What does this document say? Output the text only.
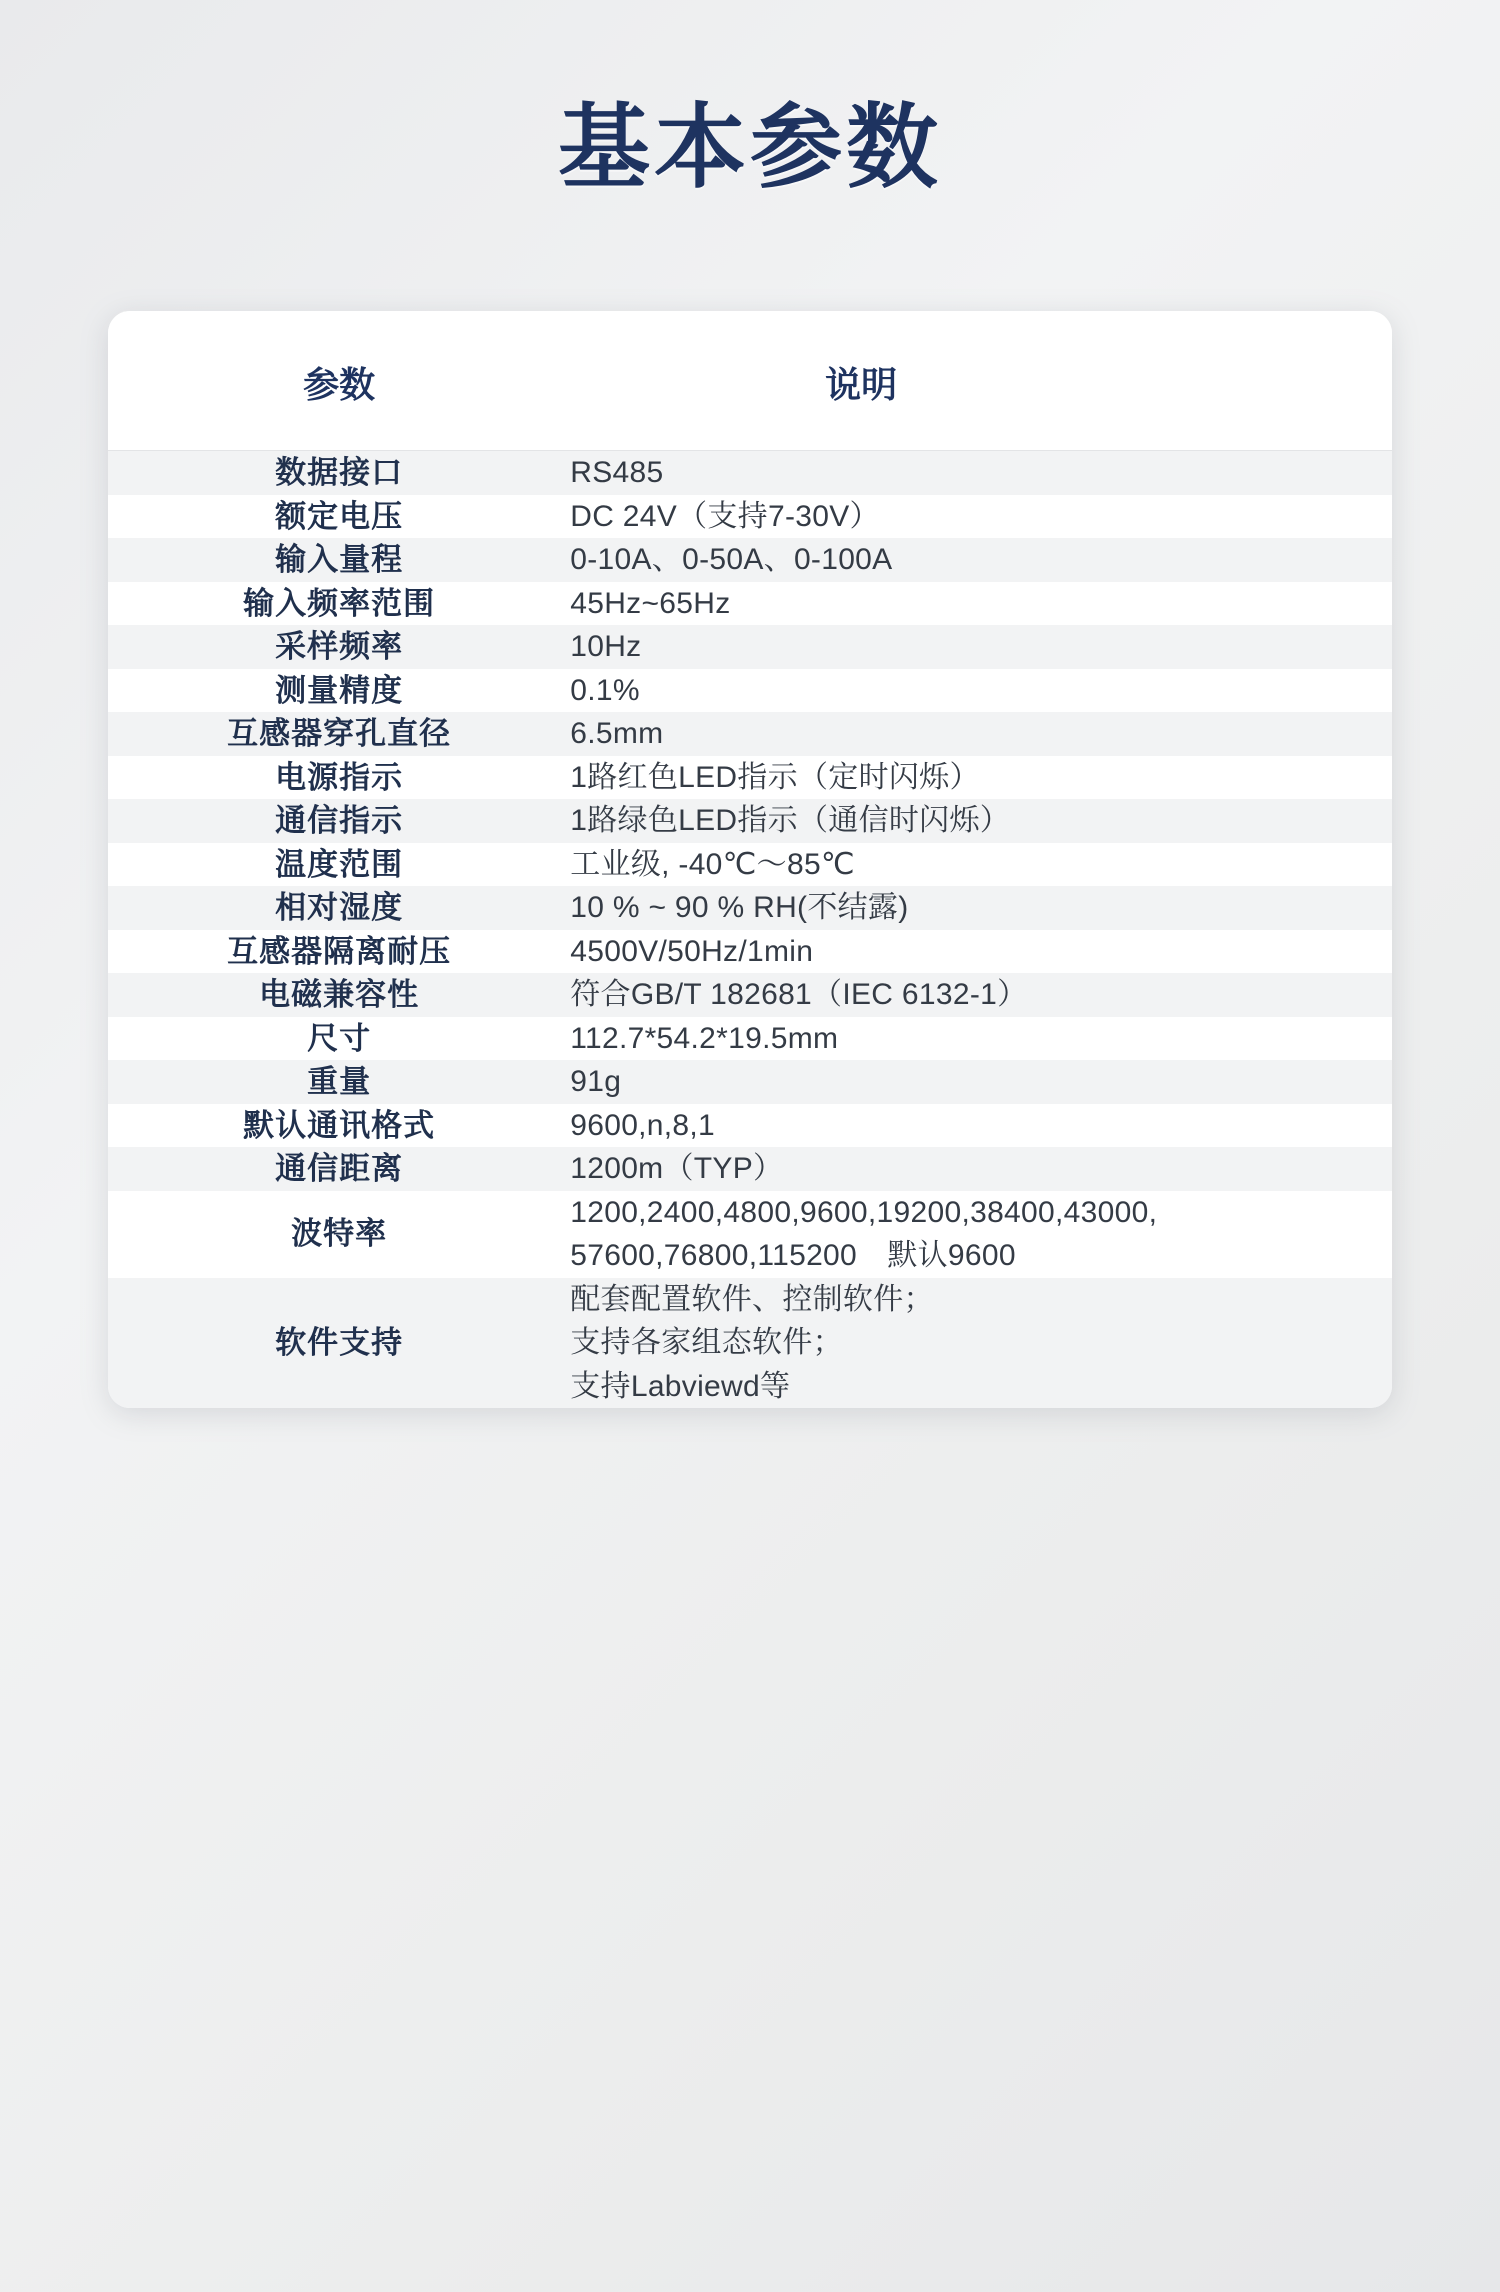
基本参数
参数	说明
数据接口	RS485

额定电压	DC 24V（支持7-30V）

输入量程	0-10A、0-50A、0-100A

输入频率范围	45Hz~65Hz

采样频率	10Hz

测量精度	0.1%

互感器穿孔直径	6.5mm

电源指示	1路红色LED指示（定时闪烁）

通信指示	1路绿色LED指示（通信时闪烁）

温度范围	工业级, -40℃～85℃

相对湿度	10 % ~ 90 % RH(不结露)

互感器隔离耐压	4500V/50Hz/1min

电磁兼容性	符合GB/T 182681（IEC 6132-1）

尺寸	112.7*54.2*19.5mm

重量	91g

默认通讯格式	9600,n,8,1

通信距离	1200m（TYP）

波特率	1200,2400,4800,9600,19200,38400,43000,
57600,76800,115200　默认9600

软件支持	配套配置软件、控制软件；
支持各家组态软件；
支持Labviewd等
